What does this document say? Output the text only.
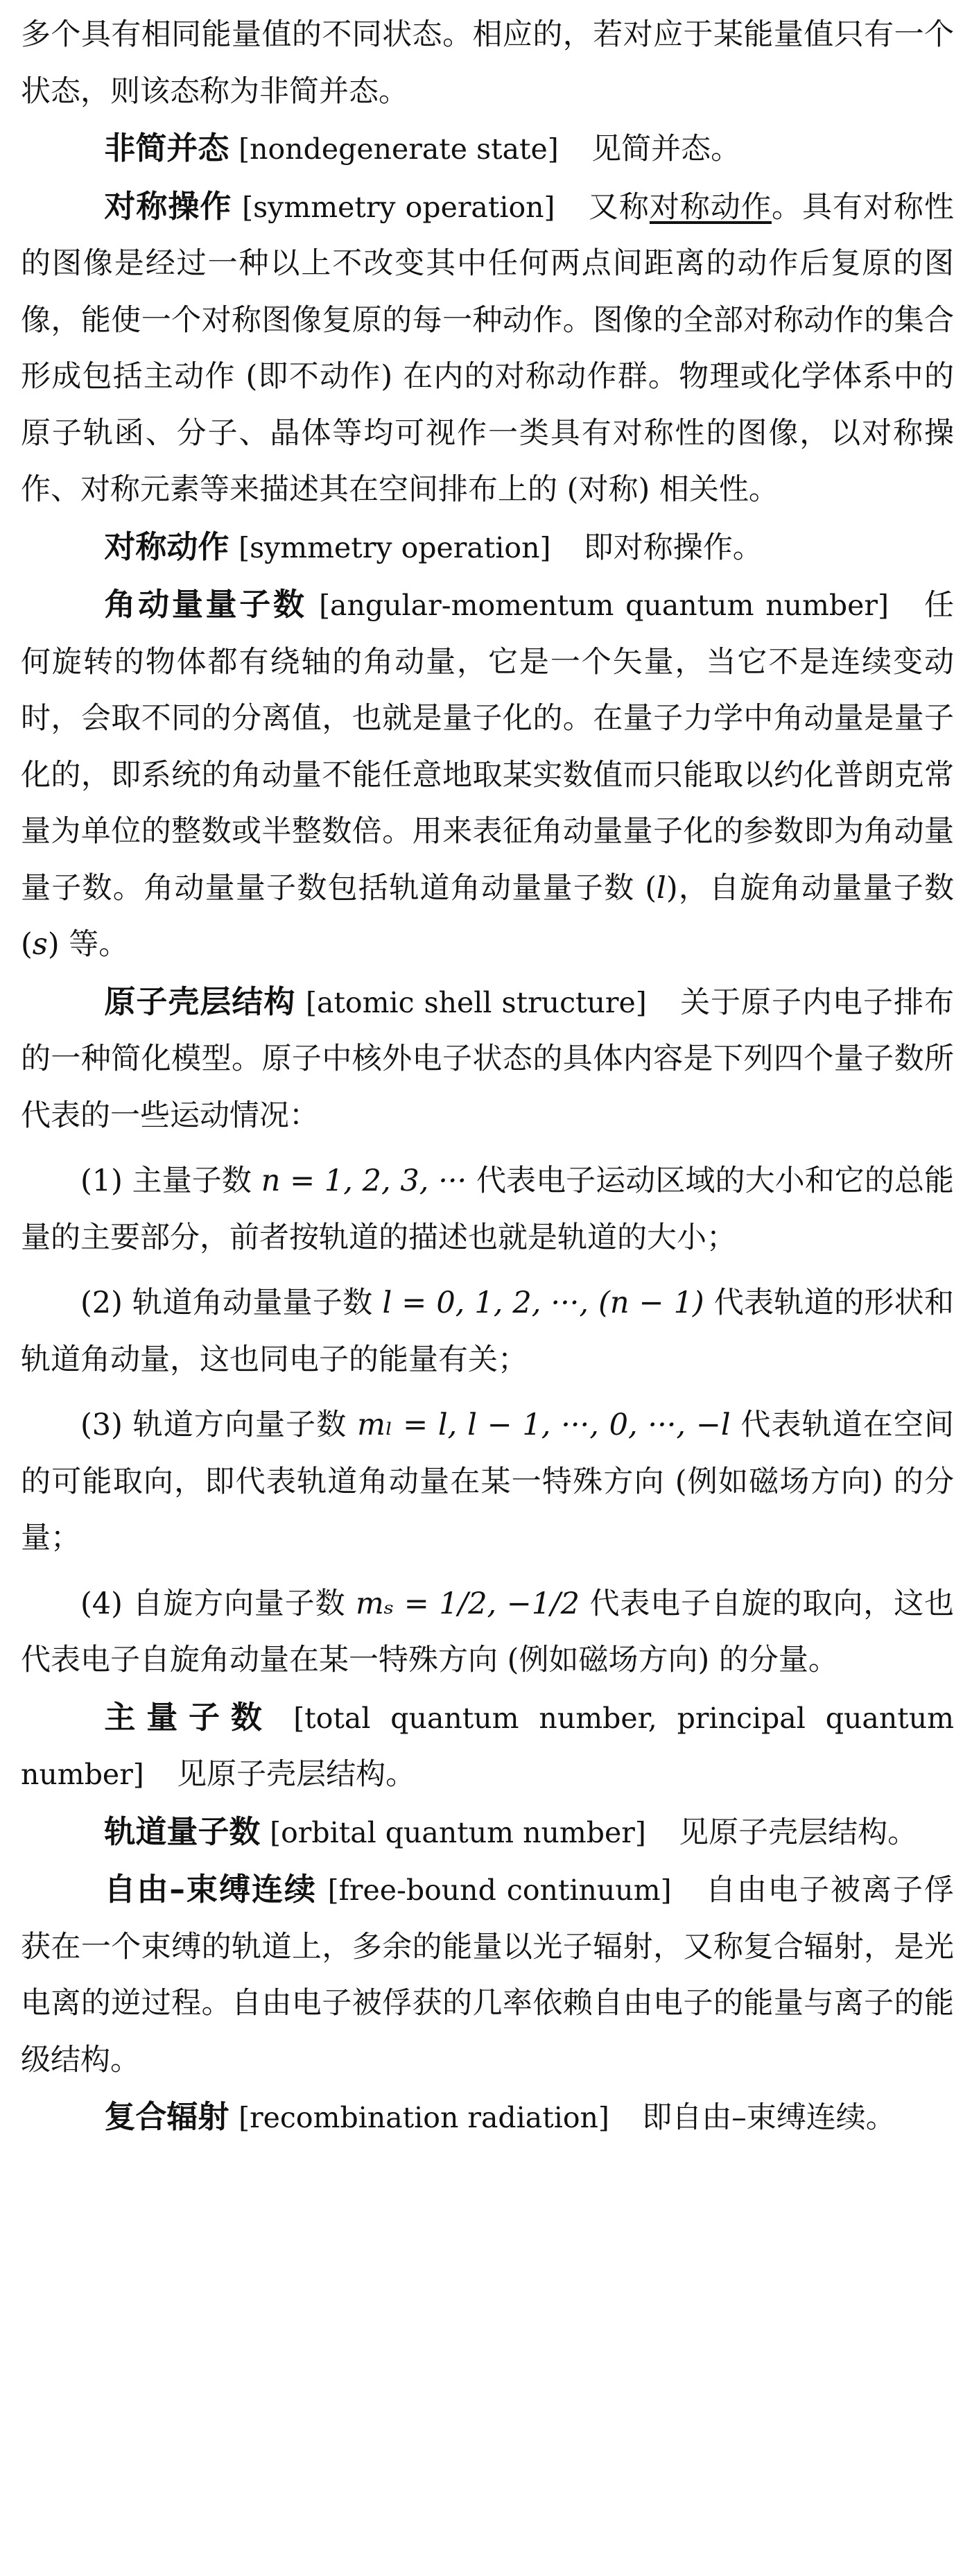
多个具有相同能量值的不同状态。相应的，若对应于某能量值只有一个状态，则该态称为非简并态。

非简并态 [nondegenerate state] 见简并态。

对称操作 [symmetry operation] 又称对称动作。具有对称性的图像是经过一种以上不改变其中任何两点间距离的动作后复原的图像，能使一个对称图像复原的每一种动作。图像的全部对称动作的集合形成包括主动作 (即不动作) 在内的对称动作群。物理或化学体系中的原子轨函、分子、晶体等均可视作一类具有对称性的图像，以对称操作、对称元素等来描述其在空间排布上的 (对称) 相关性。

对称动作 [symmetry operation] 即对称操作。

角动量量子数 [angular-momentum quantum number] 任何旋转的物体都有绕轴的角动量，它是一个矢量，当它不是连续变动时，会取不同的分离值，也就是量子化的。在量子力学中角动量是量子化的，即系统的角动量不能任意地取某实数值而只能取以约化普朗克常量为单位的整数或半整数倍。用来表征角动量量子化的参数即为角动量量子数。角动量量子数包括轨道角动量量子数 (l)，自旋角动量量子数 (s) 等。

原子壳层结构 [atomic shell structure] 关于原子内电子排布的一种简化模型。原子中核外电子状态的具体内容是下列四个量子数所代表的一些运动情况：

(1) 主量子数 n = 1, 2, 3, ··· 代表电子运动区域的大小和它的总能量的主要部分，前者按轨道的描述也就是轨道的大小；

(2) 轨道角动量量子数 l = 0, 1, 2, ···, (n − 1) 代表轨道的形状和轨道角动量，这也同电子的能量有关；

(3) 轨道方向量子数 mₗ = l, l − 1, ···, 0, ···, −l 代表轨道在空间的可能取向，即代表轨道角动量在某一特殊方向 (例如磁场方向) 的分量；

(4) 自旋方向量子数 mₛ = 1/2, −1/2 代表电子自旋的取向，这也代表电子自旋角动量在某一特殊方向 (例如磁场方向) 的分量。

主量子数 [total quantum number, principal quantum number] 见原子壳层结构。

轨道量子数 [orbital quantum number] 见原子壳层结构。

自由–束缚连续 [free-bound continuum] 自由电子被离子俘获在一个束缚的轨道上，多余的能量以光子辐射，又称复合辐射，是光电离的逆过程。自由电子被俘获的几率依赖自由电子的能量与离子的能级结构。

复合辐射 [recombination radiation] 即自由–束缚连续。
